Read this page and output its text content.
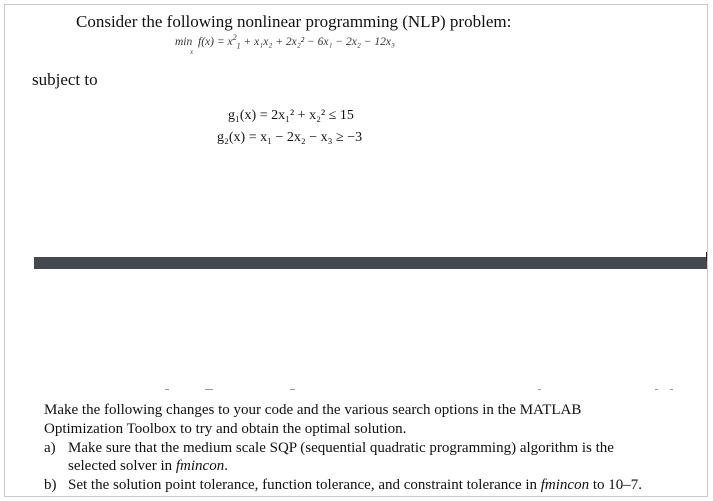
Consider the following nonlinear programming (NLP) problem:
$\min f(x) = x^2_1 + x_1x_2 + 2x_2^2 - 6x_1 - 2x_2 - 12x_3$
x
subject to
g₁(x) = 2x₁² + x₂² ≤ 15
g₂(x) = x₁ − 2x₂ − x₃ ≥ −3
Make the following changes to your code and the various search options in the MATLAB
Optimization Toolbox to try and obtain the optimal solution.
a) Make sure that the medium scale SQP (sequential quadratic programming) algorithm is the
selected solver in fmincon.
b) Set the solution point tolerance, function tolerance, and constraint tolerance in fmincon to 10–7.
